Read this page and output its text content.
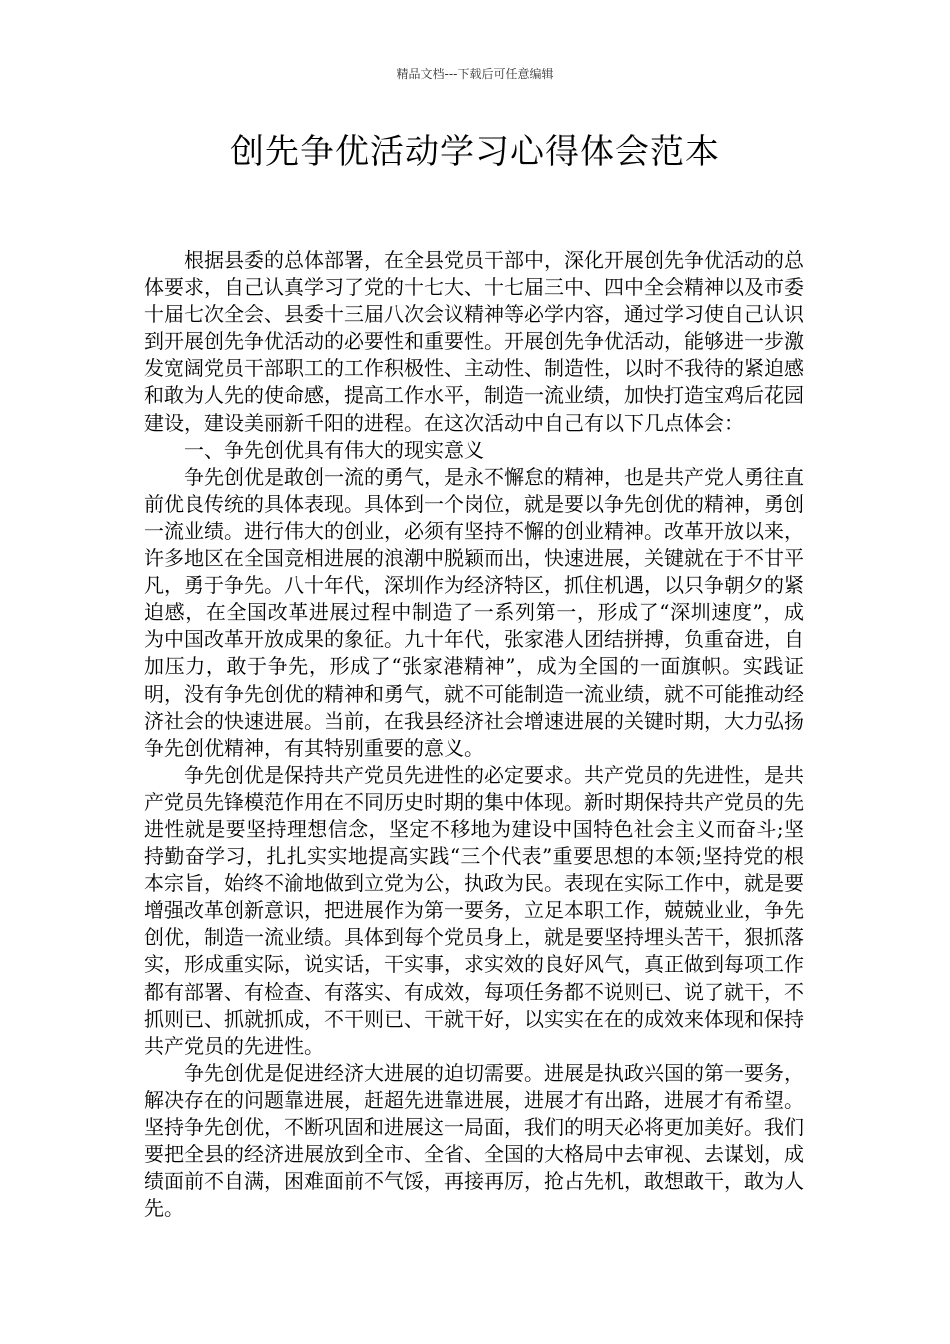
精品文档---下载后可任意编辑
创先争优活动学习心得体会范本

根据县委的总体部署，在全县党员干部中，深化开展创先争优活动的总体要求，自己认真学习了党的十七大、十七届三中、四中全会精神以及市委十届七次全会、县委十三届八次会议精神等必学内容，通过学习使自己认识到开展创先争优活动的必要性和重要性。开展创先争优活动，能够进一步激发宽阔党员干部职工的工作积极性、主动性、制造性，以时不我待的紧迫感和敢为人先的使命感，提高工作水平，制造一流业绩，加快打造宝鸡后花园建设，建设美丽新千阳的进程。在这次活动中自己有以下几点体会：

一、争先创优具有伟大的现实意义

争先创优是敢创一流的勇气，是永不懈怠的精神，也是共产党人勇往直前优良传统的具体表现。具体到一个岗位，就是要以争先创优的精神，勇创一流业绩。进行伟大的创业，必须有坚持不懈的创业精神。改革开放以来，许多地区在全国竞相进展的浪潮中脱颖而出，快速进展，关键就在于不甘平凡，勇于争先。八十年代，深圳作为经济特区，抓住机遇，以只争朝夕的紧迫感，在全国改革进展过程中制造了一系列第一，形成了“深圳速度”，成为中国改革开放成果的象征。九十年代，张家港人团结拼搏，负重奋进，自加压力，敢于争先，形成了“张家港精神”，成为全国的一面旗帜。实践证明，没有争先创优的精神和勇气，就不可能制造一流业绩，就不可能推动经济社会的快速进展。当前，在我县经济社会增速进展的关键时期，大力弘扬争先创优精神，有其特别重要的意义。

争先创优是保持共产党员先进性的必定要求。共产党员的先进性，是共产党员先锋模范作用在不同历史时期的集中体现。新时期保持共产党员的先进性就是要坚持理想信念，坚定不移地为建设中国特色社会主义而奋斗;坚持勤奋学习，扎扎实实地提高实践“三个代表”重要思想的本领;坚持党的根本宗旨，始终不渝地做到立党为公，执政为民。表现在实际工作中，就是要增强改革创新意识，把进展作为第一要务，立足本职工作，兢兢业业，争先创优，制造一流业绩。具体到每个党员身上，就是要坚持埋头苦干，狠抓落实，形成重实际，说实话，干实事，求实效的良好风气，真正做到每项工作都有部署、有检查、有落实、有成效，每项任务都不说则已、说了就干，不抓则已、抓就抓成，不干则已、干就干好，以实实在在的成效来体现和保持共产党员的先进性。

争先创优是促进经济大进展的迫切需要。进展是执政兴国的第一要务，解决存在的问题靠进展，赶超先进靠进展，进展才有出路，进展才有希望。坚持争先创优，不断巩固和进展这一局面，我们的明天必将更加美好。我们要把全县的经济进展放到全市、全省、全国的大格局中去审视、去谋划，成绩面前不自满，困难面前不气馁，再接再厉，抢占先机，敢想敢干，敢为人先。
